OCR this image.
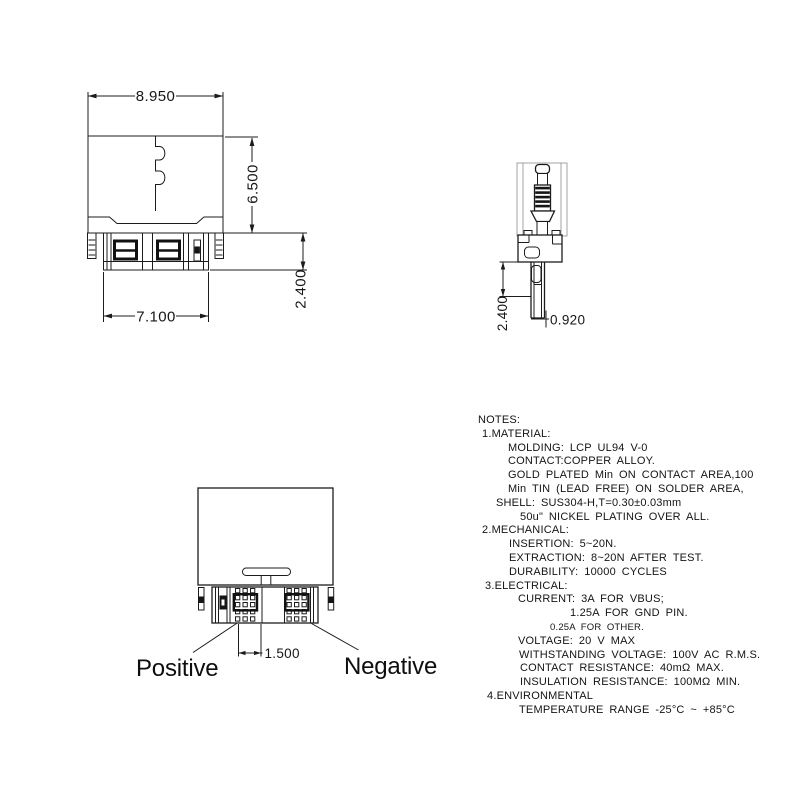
8.950
7.100
6.500
2.400
2.400	0.920
1.500
Positive	Negative
NOTES:
1.MATERIAL:
MOLDING: LCP UL94 V-0
CONTACT:COPPER ALLOY.
GOLD PLATED Min ON CONTACT AREA,100
Min TIN (LEAD FREE) ON SOLDER AREA,
SHELL: SUS304-H,T=0.30±0.03mm
50u" NICKEL PLATING OVER ALL.
2.MECHANICAL:
INSERTION: 5~20N.
EXTRACTION: 8~20N AFTER TEST.
DURABILITY: 10000 CYCLES
3.ELECTRICAL:
CURRENT: 3A FOR VBUS;
1.25A FOR GND PIN.
0.25A FOR OTHER.
VOLTAGE: 20 V MAX
WITHSTANDING VOLTAGE: 100V AC R.M.S.
CONTACT RESISTANCE: 40mΩ MAX.
INSULATION RESISTANCE: 100MΩ MIN.
4.ENVIRONMENTAL
TEMPERATURE RANGE -25°C ~ +85°C
